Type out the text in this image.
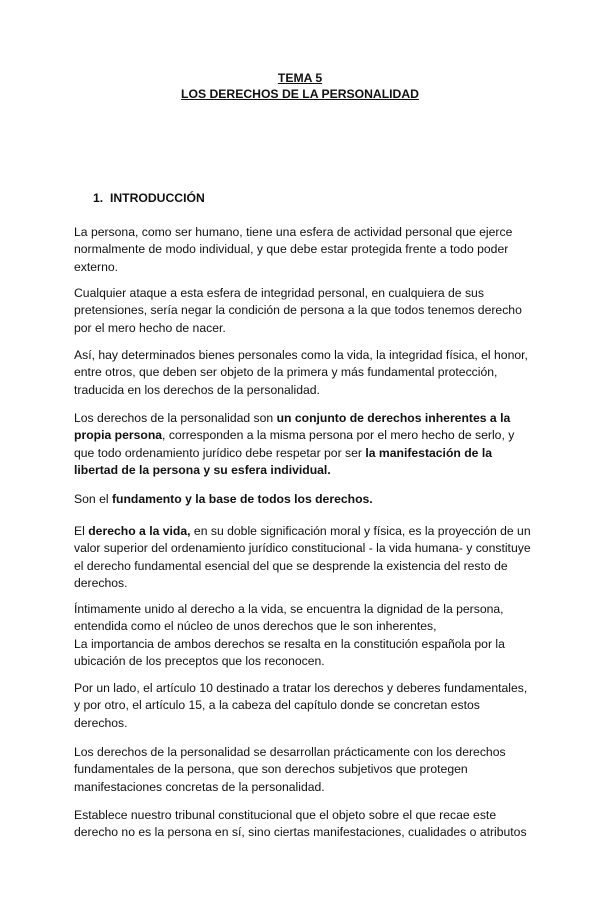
TEMA 5
LOS DERECHOS DE LA PERSONALIDAD
1. INTRODUCCIÓN
La persona, como ser humano, tiene una esfera de actividad personal que ejerce
normalmente de modo individual, y que debe estar protegida frente a todo poder
externo.
Cualquier ataque a esta esfera de integridad personal, en cualquiera de sus
pretensiones, sería negar la condición de persona a la que todos tenemos derecho
por el mero hecho de nacer.
Así, hay determinados bienes personales como la vida, la integridad física, el honor,
entre otros, que deben ser objeto de la primera y más fundamental protección,
traducida en los derechos de la personalidad.
Los derechos de la personalidad son un conjunto de derechos inherentes a la
propia persona, corresponden a la misma persona por el mero hecho de serlo, y
que todo ordenamiento jurídico debe respetar por ser la manifestación de la
libertad de la persona y su esfera individual.
Son el fundamento y la base de todos los derechos.
El derecho a la vida, en su doble significación moral y física, es la proyección de un
valor superior del ordenamiento jurídico constitucional - la vida humana- y constituye
el derecho fundamental esencial del que se desprende la existencia del resto de
derechos.
Íntimamente unido al derecho a la vida, se encuentra la dignidad de la persona,
entendida como el núcleo de unos derechos que le son inherentes,
La importancia de ambos derechos se resalta en la constitución española por la
ubicación de los preceptos que los reconocen.
Por un lado, el artículo 10 destinado a tratar los derechos y deberes fundamentales,
y por otro, el artículo 15, a la cabeza del capítulo donde se concretan estos
derechos.
Los derechos de la personalidad se desarrollan prácticamente con los derechos
fundamentales de la persona, que son derechos subjetivos que protegen
manifestaciones concretas de la personalidad.
Establece nuestro tribunal constitucional que el objeto sobre el que recae este
derecho no es la persona en sí, sino ciertas manifestaciones, cualidades o atributos
